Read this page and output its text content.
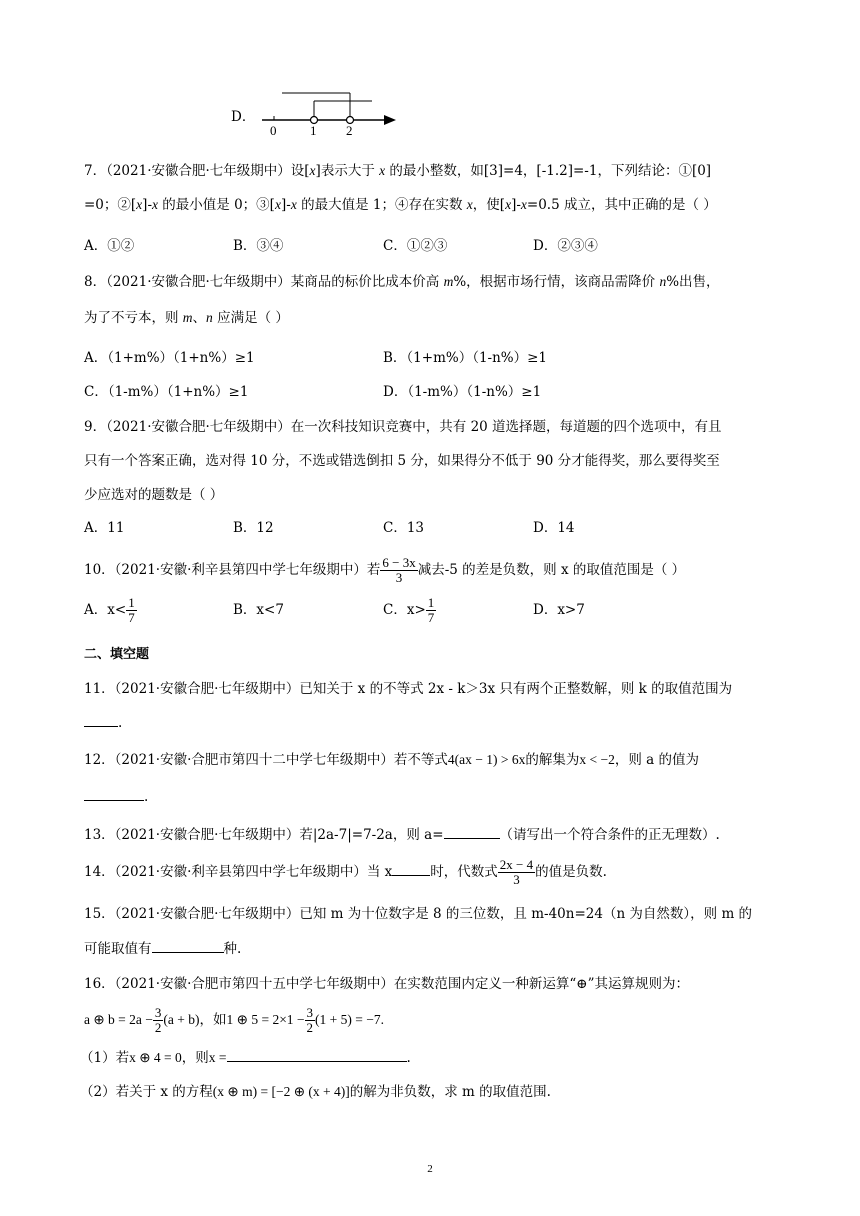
D．
0	1 2
7．（2021·安徽合肥·七年级期中）设[x]表示大于 x 的最小整数，如[3]=4，[-1.2]=-1，下列结论：①[0]
=0；②[x]-x 的最小值是 0；③[x]-x 的最大值是 1；④存在实数 x，使[x]-x=0.5 成立，其中正确的是（ ）
A．①②	B．③④	C．①②③	D．②③④
8．（2021·安徽合肥·七年级期中）某商品的标价比成本价高 m%，根据市场行情，该商品需降价 n%出售，
为了不亏本，则 m、n 应满足（ ）
A．（1+m%）（1+n%）≥1	B．（1+m%）（1-n%）≥1
C．（1-m%）（1+n%）≥1	D．（1-m%）（1-n%）≥1
9．（2021·安徽合肥·七年级期中）在一次科技知识竞赛中，共有 20 道选择题，每道题的四个选项中，有且
只有一个答案正确，选对得 10 分，不选或错选倒扣 5 分，如果得分不低于 90 分才能得奖，那么要得奖至
少应选对的题数是（ ）
A．11	B．12	C．13	D．14
10．（2021·安徽·利辛县第四中学七年级期中）若 $\frac{6 - 3x}{3}$ 减去-5 的差是负数，则 x 的取值范围是（ ）
A．$x< \frac{1}{7}$	B．x<7	C．$x> \frac{1}{7}$	D．x>7
二、填空题
11．（2021·安徽合肥·七年级期中）已知关于 x 的不等式 2x - k＞3x 只有两个正整数解，则 k 的取值范围为
.
12．（2021·安徽·合肥市第四十二中学七年级期中）若不等式4(ax − 1) > 6x的解集为x < −2，则 a 的值为
.
13．（2021·安徽合肥·七年级期中）若|2a-7|=7-2a，则 a=	（请写出一个符合条件的正无理数）.
14．（2021·安徽·利辛县第四中学七年级期中）当 x	时，代数式 $\frac{2x - 4}{3}$ 的值是负数.
15．（2021·安徽合肥·七年级期中）已知 m 为十位数字是 8 的三位数，且 m-40n=24（n 为自然数），则 m 的
可能取值有	种.
16．（2021·安徽·合肥市第四十五中学七年级期中）在实数范围内定义一种新运算“⊕”其运算规则为：
a ⊕ $b = 2a - \frac{3}{2} (a + b)$，如1 ⊕ $5 = 2\times 1 - \frac{3}{2} (1 + 5) = -7$.
（1）若x ⊕ 4 = 0，则x =	.
（2）若关于 x 的方程(x ⊕ m) = [−2 ⊕ (x + 4)]的解为非负数，求 m 的取值范围.
2
